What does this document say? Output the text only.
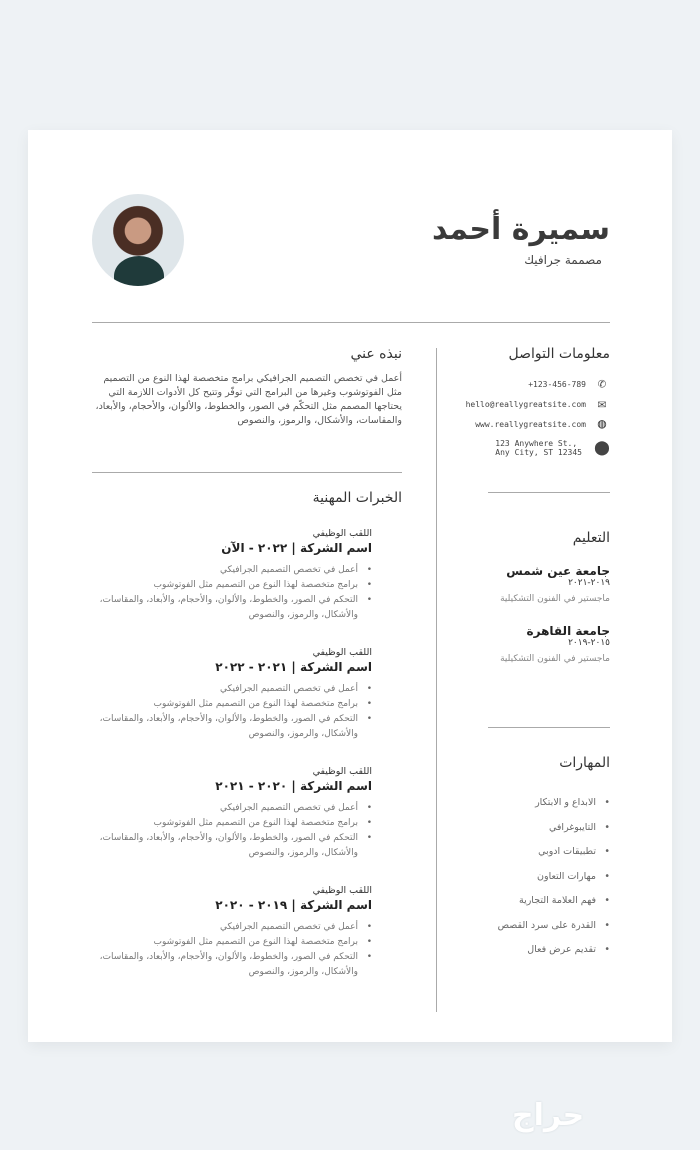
سميرة أحمد
مصممة جرافيك
معلومات التواصل
+123-456-789 ✆
hello@reallygreatsite.com ✉
www.reallygreatsite.com ◍
123 Anywhere St.,
Any City, ST 12345 ⬤
التعليم
جامعة عين شمس
٢٠١٩-٢٠٢١
ماجستير في الفنون التشكيلية
جامعة القاهرة
٢٠١٥-٢٠١٩
ماجستير في الفنون التشكيلية
المهارات
• الابداع و الابتكار
• التايبوغرافي
• تطبيقات ادوبي
• مهارات التعاون
• فهم العلامة التجارية
• القدرة على سرد القصص
• تقديم عرض فعال
نبذه عني

أعمل في تخصص التصميم الجرافيكي برامج متخصصة لهذا النوع من التصميم مثل الفوتوشوب وغيرها من البرامج التي توفّر وتتيح كل الأدوات اللازمة التي يحتاجها المصمم مثل التحكّم في الصور، والخطوط، والألوان، والأحجام، والأبعاد، والمقاسات، والأشكال، والرموز، والنصوص

الخبرات المهنية
اللقب الوظيفي
اسم الشركة | ٢٠٢٢ - الآن
• أعمل في تخصص التصميم الجرافيكي
• برامج متخصصة لهذا النوع من التصميم مثل الفوتوشوب
• التحكم في الصور، والخطوط، والألوان، والأحجام، والأبعاد، والمقاسات، والأشكال، والرموز، والنصوص
اللقب الوظيفي
اسم الشركة | ٢٠٢١ - ٢٠٢٢
• أعمل في تخصص التصميم الجرافيكي
• برامج متخصصة لهذا النوع من التصميم مثل الفوتوشوب
• التحكم في الصور، والخطوط، والألوان، والأحجام، والأبعاد، والمقاسات، والأشكال، والرموز، والنصوص
اللقب الوظيفي
اسم الشركة | ٢٠٢٠ - ٢٠٢١
• أعمل في تخصص التصميم الجرافيكي
• برامج متخصصة لهذا النوع من التصميم مثل الفوتوشوب
• التحكم في الصور، والخطوط، والألوان، والأحجام، والأبعاد، والمقاسات، والأشكال، والرموز، والنصوص
اللقب الوظيفي
اسم الشركة | ٢٠١٩ - ٢٠٢٠
• أعمل في تخصص التصميم الجرافيكي
• برامج متخصصة لهذا النوع من التصميم مثل الفوتوشوب
• التحكم في الصور، والخطوط، والألوان، والأحجام، والأبعاد، والمقاسات، والأشكال، والرموز، والنصوص
حراج
